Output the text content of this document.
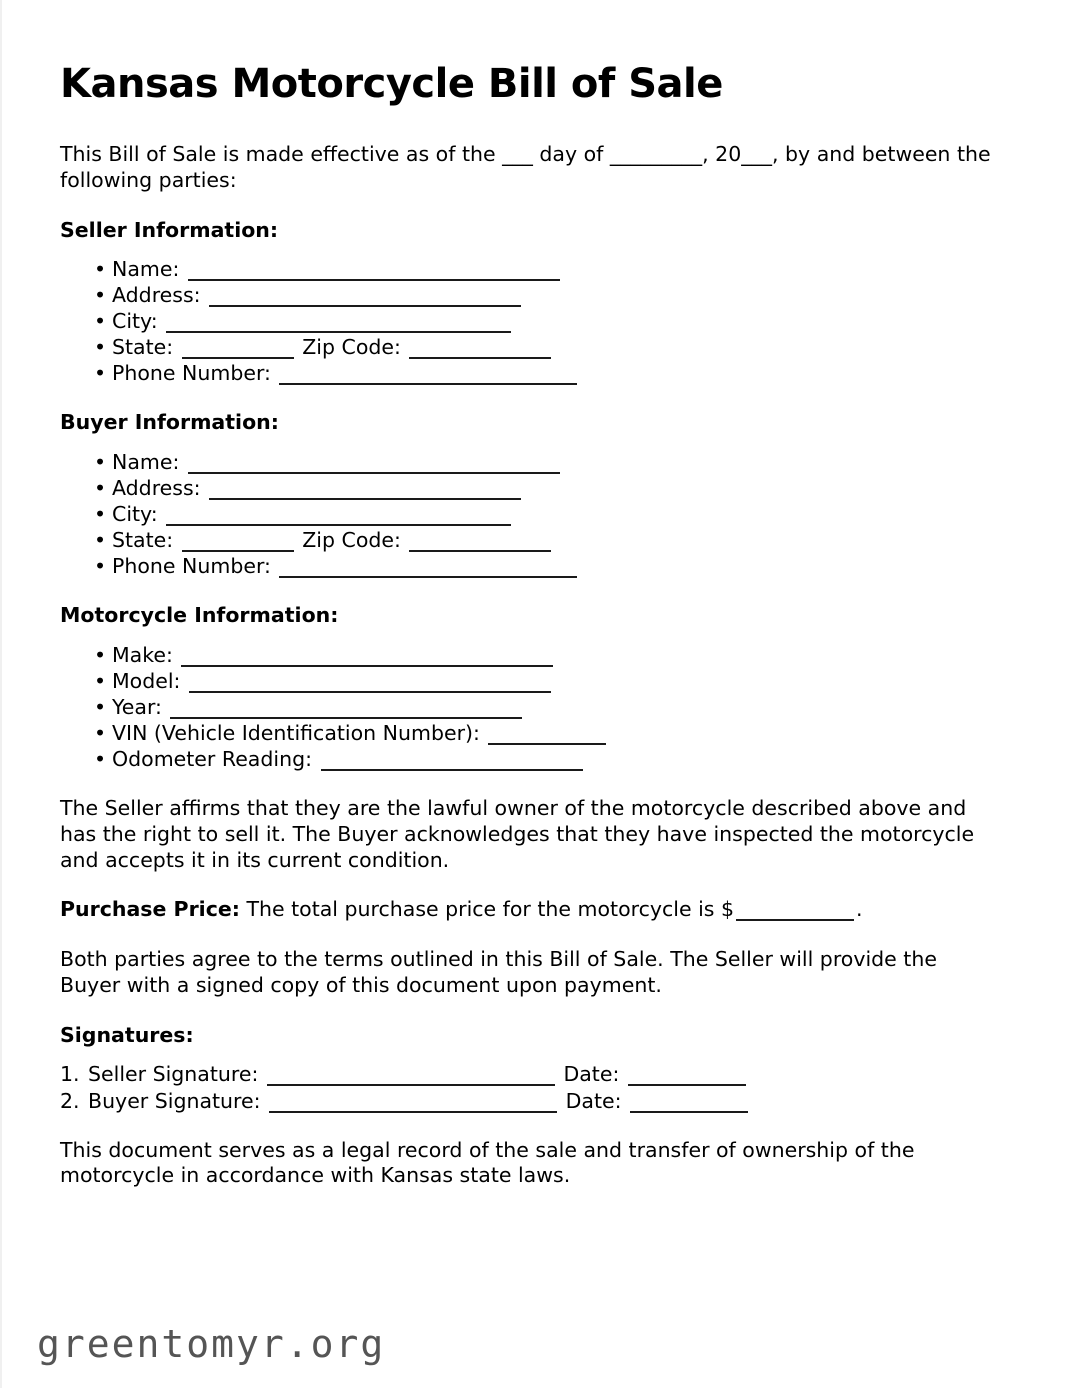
Kansas Motorcycle Bill of Sale

This Bill of Sale is made effective as of the ___ day of _________, 20___, by and between the following parties:

Seller Information:
• Name:
• Address:
• City:
• State:	Zip Code:
• Phone Number:
Buyer Information:
• Name:
• Address:
• City:
• State:	Zip Code:
• Phone Number:
Motorcycle Information:
• Make:
• Model:
• Year:
• VIN (Vehicle Identification Number):
• Odometer Reading:

The Seller affirms that they are the lawful owner of the motorcycle described above and has the right to sell it. The Buyer acknowledges that they have inspected the motorcycle and accepts it in its current condition.

Purchase Price: The total purchase price for the motorcycle is $	.

Both parties agree to the terms outlined in this Bill of Sale. The Seller will provide the Buyer with a signed copy of this document upon payment.

Signatures:
Seller Signature:	Date:
Buyer Signature:	Date:

This document serves as a legal record of the sale and transfer of ownership of the motorcycle in accordance with Kansas state laws.

greentomyr.org
